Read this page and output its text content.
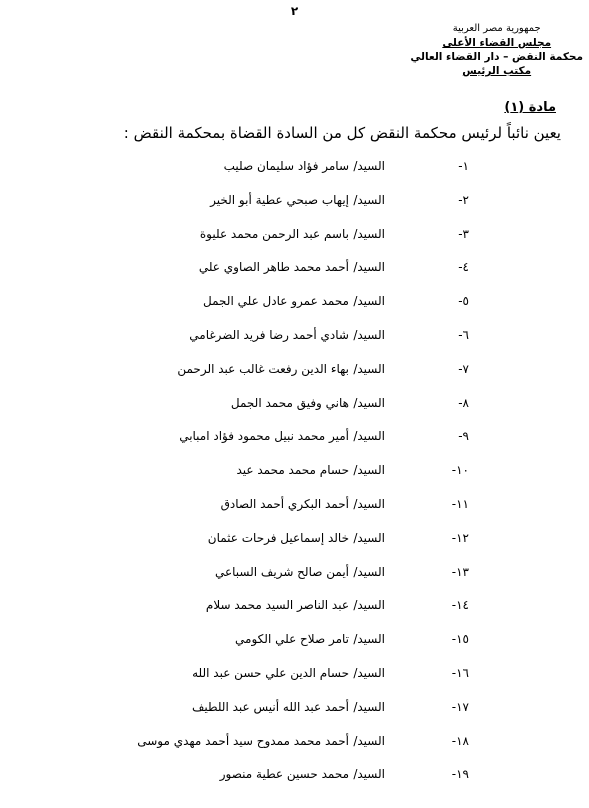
٢
جمهورية مصر العربية
مجلس القضاء الأعلى
محكمة النقض – دار القضاء العالي
مكتب الرئيس
مادة (١)
يعين نائباً لرئيس محكمة النقض كل من السادة القضاة بمحكمة النقض :
١-
السيد/
سامر فؤاد سليمان صليب
٢-
السيد/
إيهاب صبحي عطية أبو الخير
٣-
السيد/
باسم عبد الرحمن محمد عليوة
٤-
السيد/
أحمد محمد طاهر الصاوي علي
٥-
السيد/
محمد عمرو عادل علي الجمل
٦-
السيد/
شادي أحمد رضا فريد الضرغامي
٧-
السيد/
بهاء الدين رفعت غالب عبد الرحمن
٨-
السيد/
هاني وفيق محمد الجمل
٩-
السيد/
أمير محمد نبيل محمود فؤاد امبابي
١٠-
السيد/
حسام محمد محمد عيد
١١-
السيد/
أحمد البكري أحمد الصادق
١٢-
السيد/
خالد إسماعيل فرحات عثمان
١٣-
السيد/
أيمن صالح شريف السباعي
١٤-
السيد/
عبد الناصر السيد محمد سلام
١٥-
السيد/
تامر صلاح علي الكومي
١٦-
السيد/
حسام الدين علي حسن عبد الله
١٧-
السيد/
أحمد عبد الله أنيس عبد اللطيف
١٨-
السيد/
أحمد محمد ممدوح سيد أحمد مهدي موسى
١٩-
السيد/
محمد حسين عطية منصور
